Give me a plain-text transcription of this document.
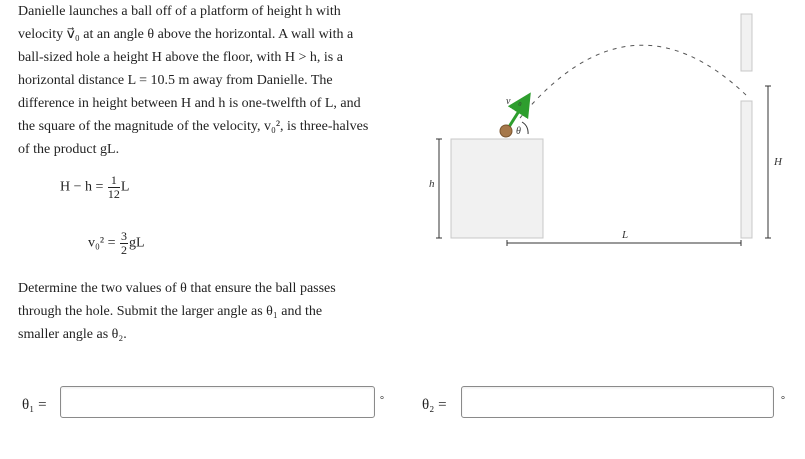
Danielle launches a ball off of a platform of height h with

velocity v⃗₀ at an angle θ above the horizontal. A wall with a

ball-sized hole a height H above the floor, with H > h, is a

horizontal distance L = 10.5 m away from Danielle. The

difference in height between H and h is one-twelfth of L, and

the square of the magnitude of the velocity, v₀², is three-halves

of the product gL.

$H - h = \frac{1}{12}$ L
$v_0^2 = \frac{3}{2}$ gL
Determine the two values of θ that ensure the ball passes
through the hole. Submit the larger angle as θ₁ and the
smaller angle as θ₂.
h
H
L
v⃗₀
θ
θ₁ =	°	θ₂ =	°
